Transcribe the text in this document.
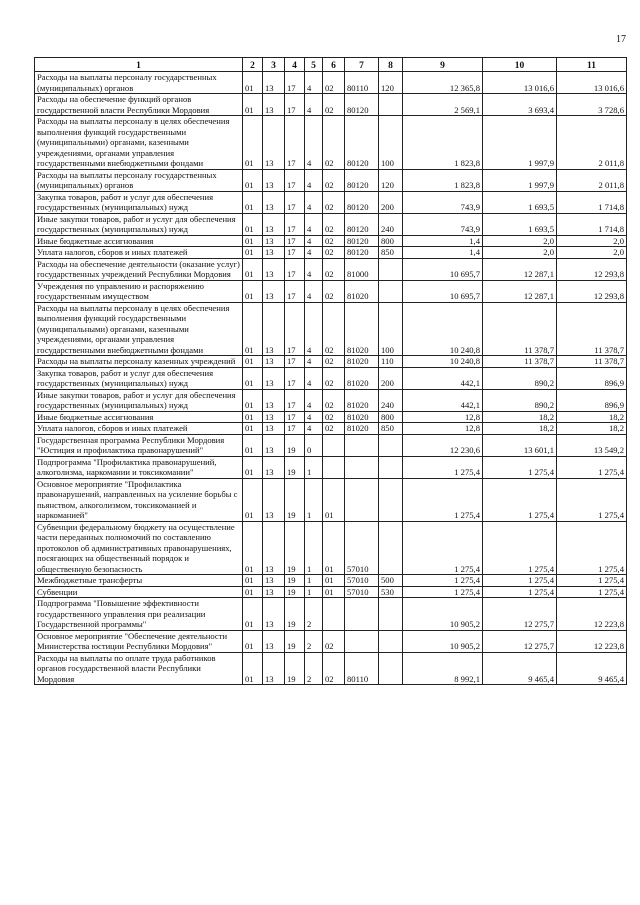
17
1	2	3	4	5	6	7	8	9	10	11
Расходы на выплаты персоналу государственных (муниципальных) органов	01	13	17	4	02	80110	120	12 365,8	13 016,6	13 016,6
Расходы на обеспечение функций органов государственной власти Республики Мордовия	01	13	17	4	02	80120		2 569,1	3 693,4	3 728,6
Расходы на выплаты персоналу в целях обеспечения выполнения функций государственными (муниципальными) органами, казенными учреждениями, органами управления государственными внебюджетными фондами	01	13	17	4	02	80120	100	1 823,8	1 997,9	2 011,8
Расходы на выплаты персоналу государственных (муниципальных) органов	01	13	17	4	02	80120	120	1 823,8	1 997,9	2 011,8
Закупка товаров, работ и услуг для обеспечения государственных (муниципальных) нужд	01	13	17	4	02	80120	200	743,9	1 693,5	1 714,8
Иные закупки товаров, работ и услуг для обеспечения государственных (муниципальных) нужд	01	13	17	4	02	80120	240	743,9	1 693,5	1 714,8
Иные бюджетные ассигнования	01	13	17	4	02	80120	800	1,4	2,0	2,0
Уплата налогов, сборов и иных платежей	01	13	17	4	02	80120	850	1,4	2,0	2,0
Расходы на обеспечение деятельности (оказание услуг) государственных учреждений Республики Мордовия	01	13	17	4	02	81000		10 695,7	12 287,1	12 293,8
Учреждения по управлению и распоряжению государственным имуществом	01	13	17	4	02	81020		10 695,7	12 287,1	12 293,8
Расходы на выплаты персоналу в целях обеспечения выполнения функций государственными (муниципальными) органами, казенными учреждениями, органами управления государственными внебюджетными фондами	01	13	17	4	02	81020	100	10 240,8	11 378,7	11 378,7
Расходы на выплаты персоналу казенных учреждений	01	13	17	4	02	81020	110	10 240,8	11 378,7	11 378,7
Закупка товаров, работ и услуг для обеспечения государственных (муниципальных) нужд	01	13	17	4	02	81020	200	442,1	890,2	896,9
Иные закупки товаров, работ и услуг для обеспечения государственных (муниципальных) нужд	01	13	17	4	02	81020	240	442,1	890,2	896,9
Иные бюджетные ассигнования	01	13	17	4	02	81020	800	12,8	18,2	18,2
Уплата налогов, сборов и иных платежей	01	13	17	4	02	81020	850	12,8	18,2	18,2
Государственная программа Республики Мордовия "Юстиция и профилактика правонарушений"	01	13	19	0				12 230,6	13 601,1	13 549,2
Подпрограмма "Профилактика правонарушений, алкоголизма, наркомании и токсикомании"	01	13	19	1				1 275,4	1 275,4	1 275,4
Основное мероприятие "Профилактика правонарушений, направленных на усиление борьбы с пьянством, алкоголизмом, токсикоманией и наркоманией"	01	13	19	1	01			1 275,4	1 275,4	1 275,4
Субвенции федеральному бюджету на осуществление части переданных полномочий по составлению протоколов об административных правонарушениях, посягающих на общественный порядок и общественную безопасность	01	13	19	1	01	57010		1 275,4	1 275,4	1 275,4
Межбюджетные трансферты	01	13	19	1	01	57010	500	1 275,4	1 275,4	1 275,4
Субвенции	01	13	19	1	01	57010	530	1 275,4	1 275,4	1 275,4
Подпрограмма "Повышение эффективности государственного управления при реализации Государственной программы"	01	13	19	2				10 905,2	12 275,7	12 223,8
Основное мероприятие "Обеспечение деятельности Министерства юстиции Республики Мордовия"	01	13	19	2	02			10 905,2	12 275,7	12 223,8
Расходы на выплаты по оплате труда работников органов государственной власти Республики Мордовия	01	13	19	2	02	80110		8 992,1	9 465,4	9 465,4
